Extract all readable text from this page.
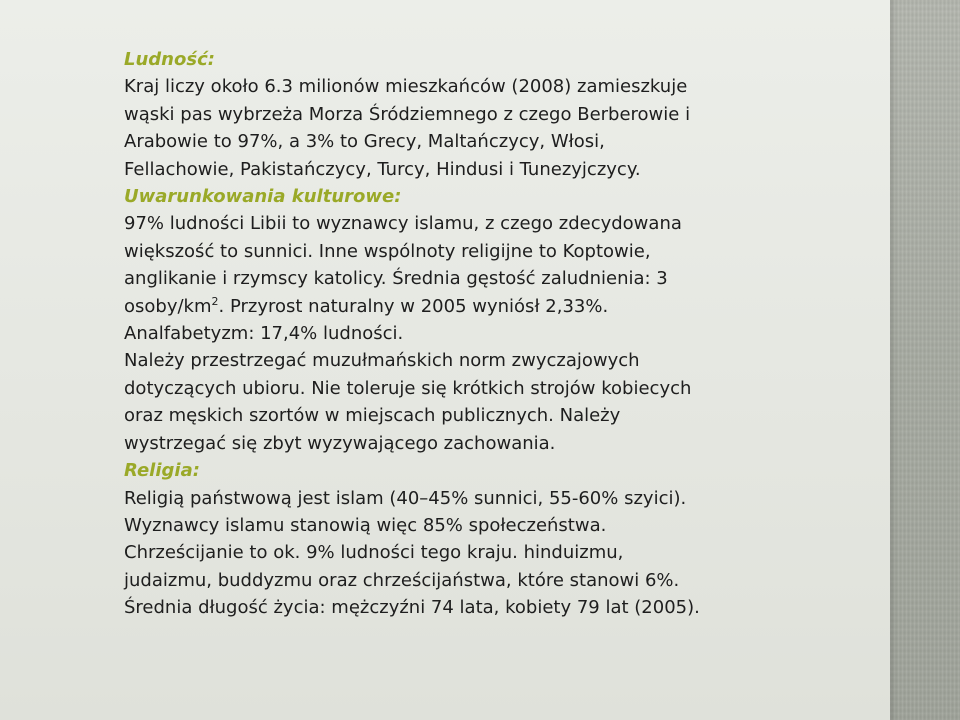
Ludność:
Kraj liczy około 6.3 milionów mieszkańców (2008) zamieszkuje
wąski pas wybrzeża Morza Śródziemnego z czego Berberowie i
Arabowie to 97%, a 3% to Grecy, Maltańczycy, Włosi,
Fellachowie, Pakistańczycy, Turcy, Hindusi i Tunezyjczycy.
Uwarunkowania kulturowe:
97% ludności Libii to wyznawcy islamu, z czego zdecydowana
większość to sunnici. Inne wspólnoty religijne to Koptowie,
anglikanie i rzymscy katolicy. Średnia gęstość zaludnienia: 3
osoby/$km^2$. Przyrost naturalny w 2005 wyniósł 2,33%.
Analfabetyzm: 17,4% ludności.
Należy przestrzegać muzułmańskich norm zwyczajowych
dotyczących ubioru. Nie toleruje się krótkich strojów kobiecych
oraz męskich szortów w miejscach publicznych. Należy
wystrzegać się zbyt wyzywającego zachowania.
Religia:
Religią państwową jest islam (40–45% sunnici, 55-60% szyici).
Wyznawcy islamu stanowią więc 85% społeczeństwa.
Chrześcijanie to ok. 9% ludności tego kraju. hinduizmu,
judaizmu, buddyzmu oraz chrześcijaństwa, które stanowi 6%.
Średnia długość życia: mężczyźni 74 lata, kobiety 79 lat (2005).
